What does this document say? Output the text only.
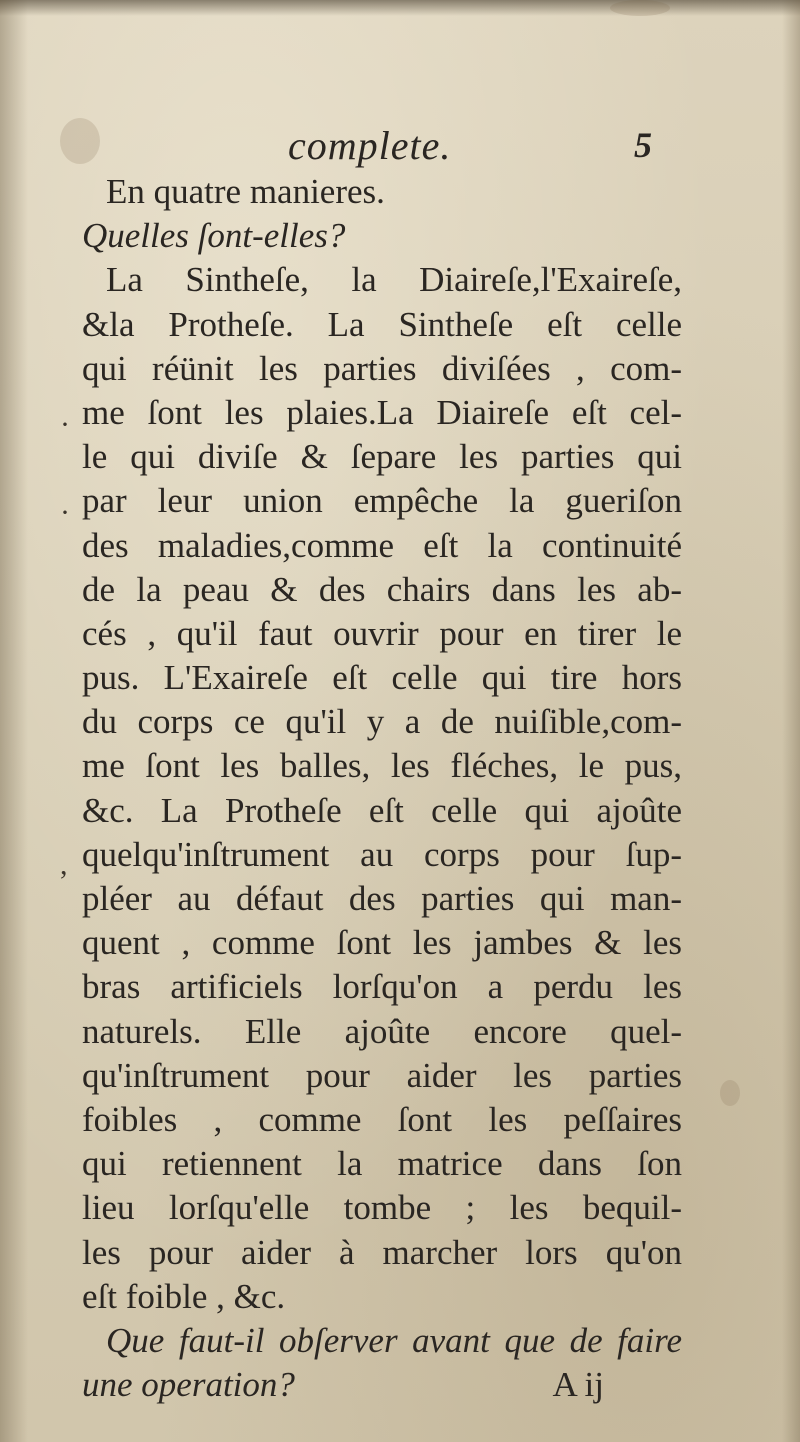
complete.	5
·
·
,
En quatre manieres.
Quelles ſont-elles?
La Sintheſe, la Diaireſe,l'Exaireſe,
&la Protheſe. La Sintheſe eſt celle
qui réünit les parties diviſées , com-
me ſont les plaies.La Diaireſe eſt cel-
le qui diviſe & ſepare les parties qui
par leur union empêche la gueriſon
des maladies,comme eſt la continuité
de la peau & des chairs dans les ab-
cés , qu'il faut ouvrir pour en tirer le
pus. L'Exaireſe eſt celle qui tire hors
du corps ce qu'il y a de nuiſible,com-
me ſont les balles, les fléches, le pus,
&c. La Protheſe eſt celle qui ajoûte
quelqu'inſtrument au corps pour ſup-
pléer au défaut des parties qui man-
quent , comme ſont les jambes & les
bras artificiels lorſqu'on a perdu les
naturels. Elle ajoûte encore quel-
qu'inſtrument pour aider les parties
foibles , comme ſont les peſſaires
qui retiennent la matrice dans ſon
lieu lorſqu'elle tombe ; les bequil-
les pour aider à marcher lors qu'on
eſt foible , &c.
Que faut-il obſerver avant que de faire
une operation?	A ij
